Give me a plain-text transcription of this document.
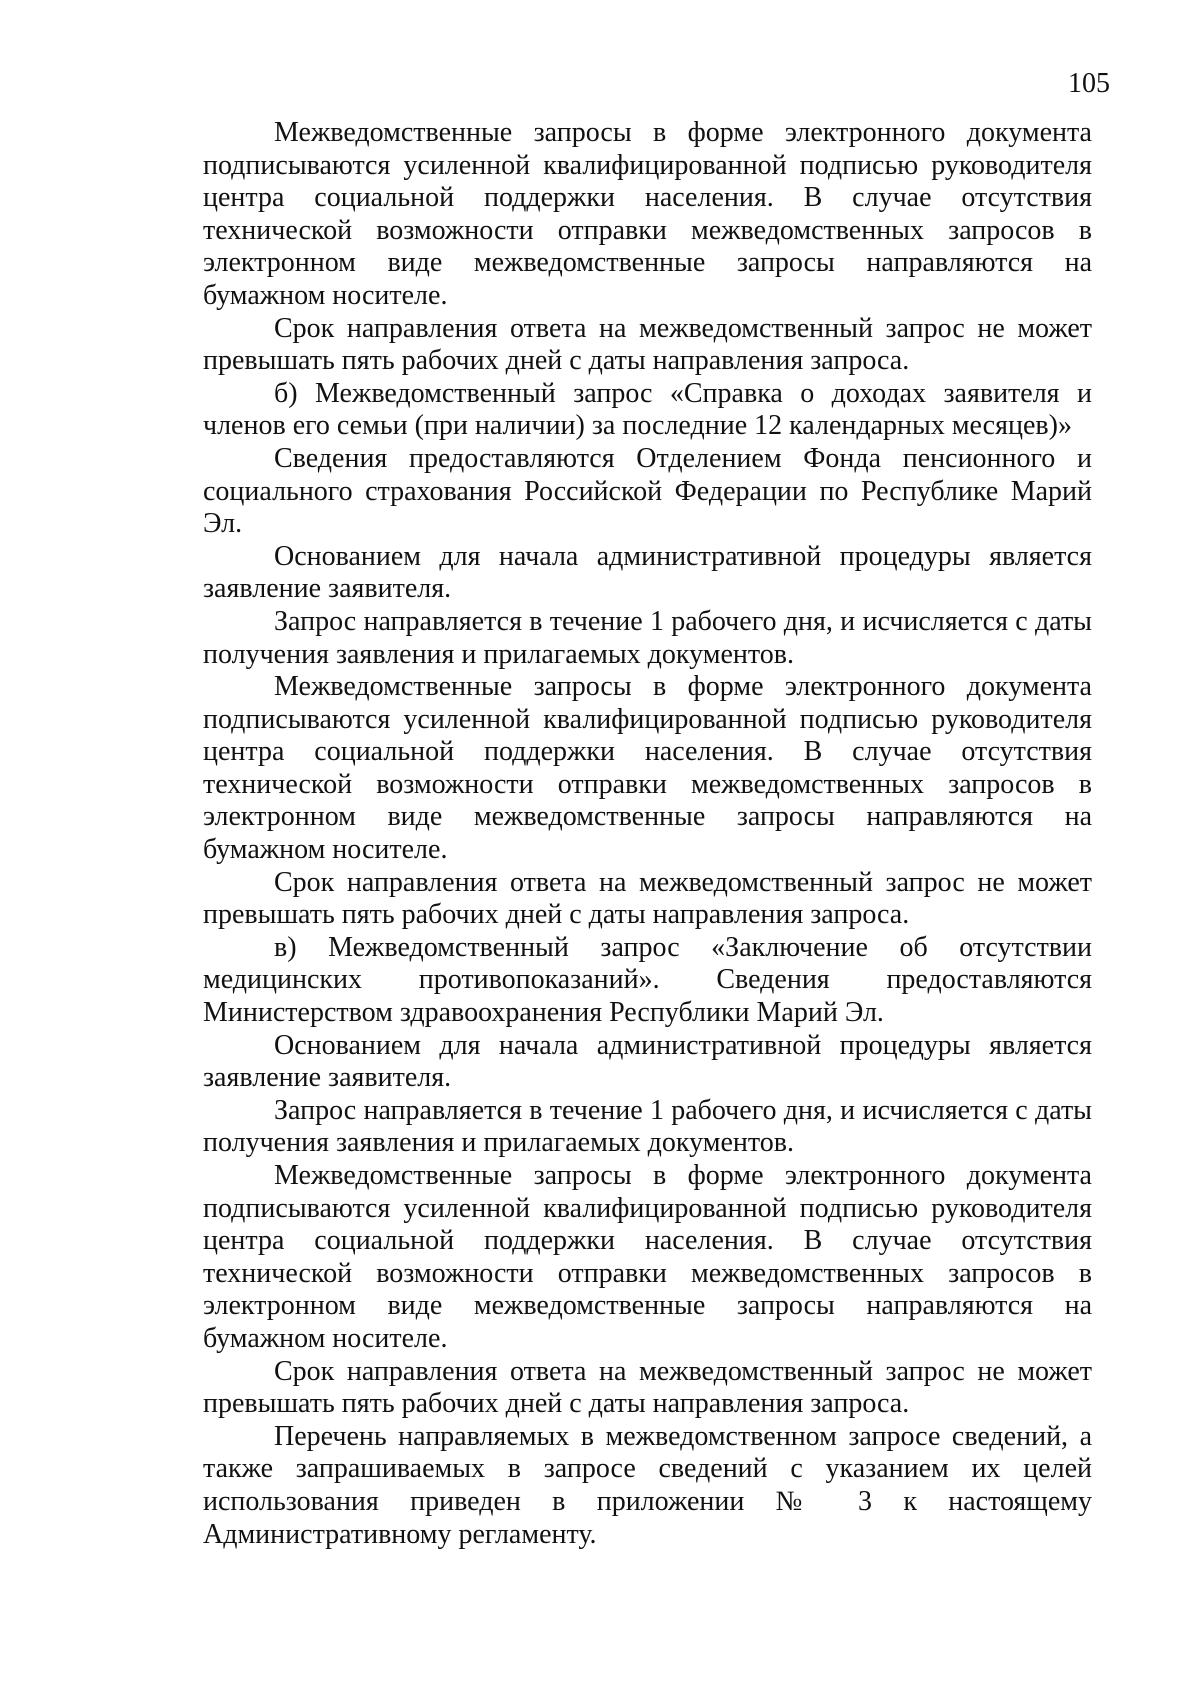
105

Межведомственные запросы в форме электронного документа подписываются усиленной квалифицированной подписью руководителя центра социальной поддержки населения. В случае отсутствия технической возможности отправки межведомственных запросов в электронном виде межведомственные запросы направляются на бумажном носителе.

Срок направления ответа на межведомственный запрос не может превышать пять рабочих дней с даты направления запроса.

б) Межведомственный запрос «Справка о доходах заявителя и членов его семьи (при наличии) за последние 12 календарных месяцев)»

Сведения предоставляются Отделением Фонда пенсионного и социального страхования Российской Федерации по Республике Марий Эл.

Основанием для начала административной процедуры является заявление заявителя.

Запрос направляется в течение 1 рабочего дня, и исчисляется с даты получения заявления и прилагаемых документов.

Межведомственные запросы в форме электронного документа подписываются усиленной квалифицированной подписью руководителя центра социальной поддержки населения. В случае отсутствия технической возможности отправки межведомственных запросов в электронном виде межведомственные запросы направляются на бумажном носителе.

Срок направления ответа на межведомственный запрос не может превышать пять рабочих дней с даты направления запроса.

в) Межведомственный запрос «Заключение об отсутствии медицинских противопоказаний». Сведения предоставляются Министерством здравоохранения Республики Марий Эл.

Основанием для начала административной процедуры является заявление заявителя.

Запрос направляется в течение 1 рабочего дня, и исчисляется с даты получения заявления и прилагаемых документов.

Межведомственные запросы в форме электронного документа подписываются усиленной квалифицированной подписью руководителя центра социальной поддержки населения. В случае отсутствия технической возможности отправки межведомственных запросов в электронном виде межведомственные запросы направляются на бумажном носителе.

Срок направления ответа на межведомственный запрос не может превышать пять рабочих дней с даты направления запроса.

Перечень направляемых в межведомственном запросе сведений, а также запрашиваемых в запросе сведений с указанием их целей использования приведен в приложении № 3 к настоящему Административному регламенту.
